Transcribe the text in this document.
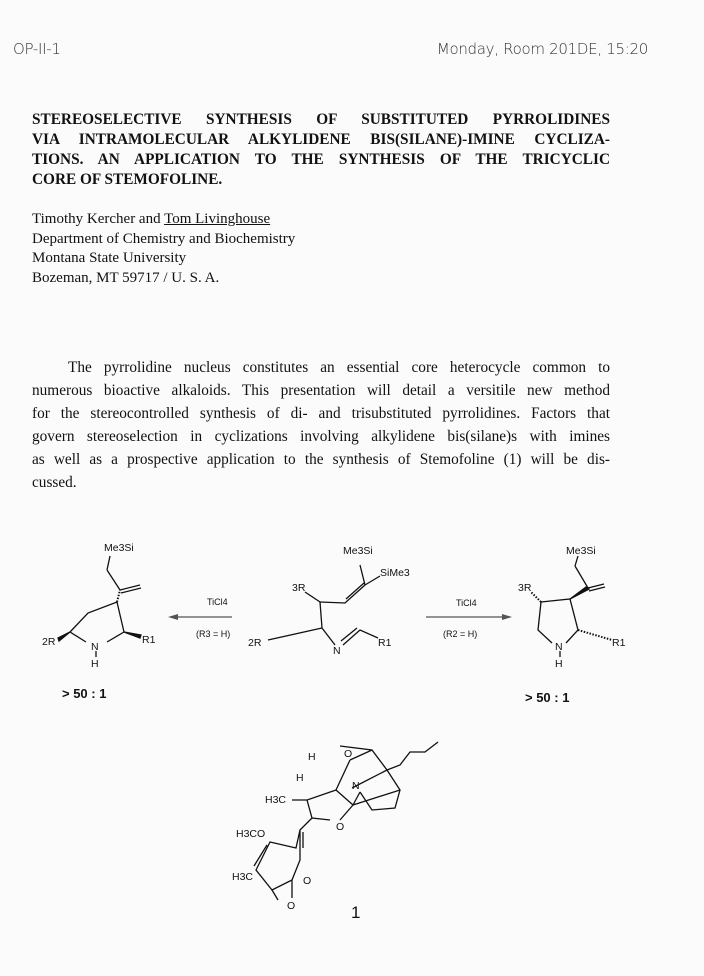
OP-II-1	Monday, Room 201DE, 15:20
STEREOSELECTIVE SYNTHESIS OF SUBSTITUTED PYRROLIDINES
VIA INTRAMOLECULAR ALKYLIDENE BIS(SILANE)-IMINE CYCLIZA-
TIONS. AN APPLICATION TO THE SYNTHESIS OF THE TRICYCLIC
CORE OF STEMOFOLINE.
Timothy Kercher and Tom Livinghouse
Department of Chemistry and Biochemistry
Montana State University
Bozeman, MT 59717 / U. S. A.
The pyrrolidine nucleus constitutes an essential core heterocycle common to
numerous bioactive alkaloids. This presentation will detail a versitile new method
for the stereocontrolled synthesis of di- and trisubstituted pyrrolidines. Factors that
govern stereoselection in cyclizations involving alkylidene bis(silane)s with imines
as well as a prospective application to the synthesis of Stemofoline (1) will be dis-
cussed.
Me3Si
2R	R1
N
H
> 50 : 1
TiCl4
(R3 = H)
Me3Si
SiMe3
3R
2R
N
R1
TiCl4
(R2 = H)
Me3Si
3R
R1
N
H
> 50 : 1
H
H
O
N
H3C
O
H3CO
H3C	O
O	1
